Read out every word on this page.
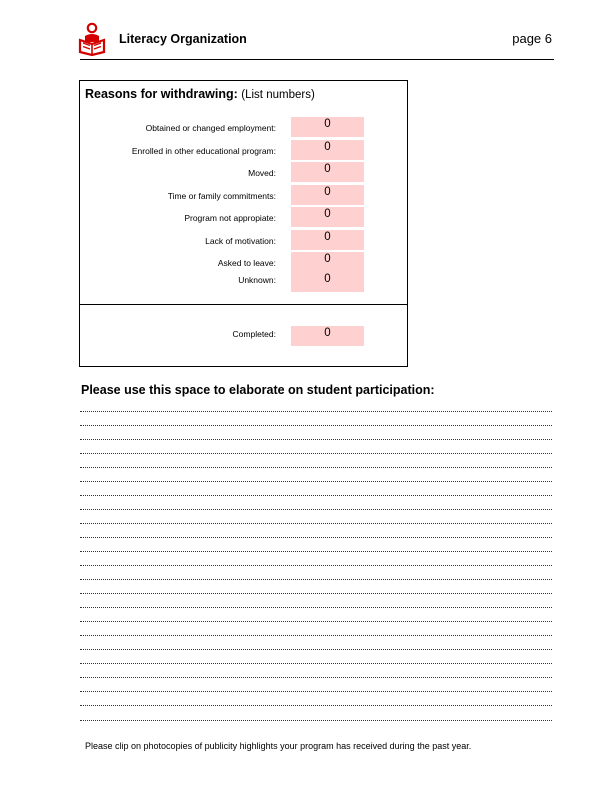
Literacy Organization	page 6
Reasons for withdrawing: (List numbers)
Obtained or changed employment:	0
Enrolled in other educational program:	0
Moved:	0
Time or family commitments:	0
Program not appropiate:	0
Lack of motivation:	0
Asked to leave:	0
Unknown:	0
Completed:	0
Please use this space to elaborate on student participation:
Please clip on photocopies of publicity highlights your program has received during the past year.
